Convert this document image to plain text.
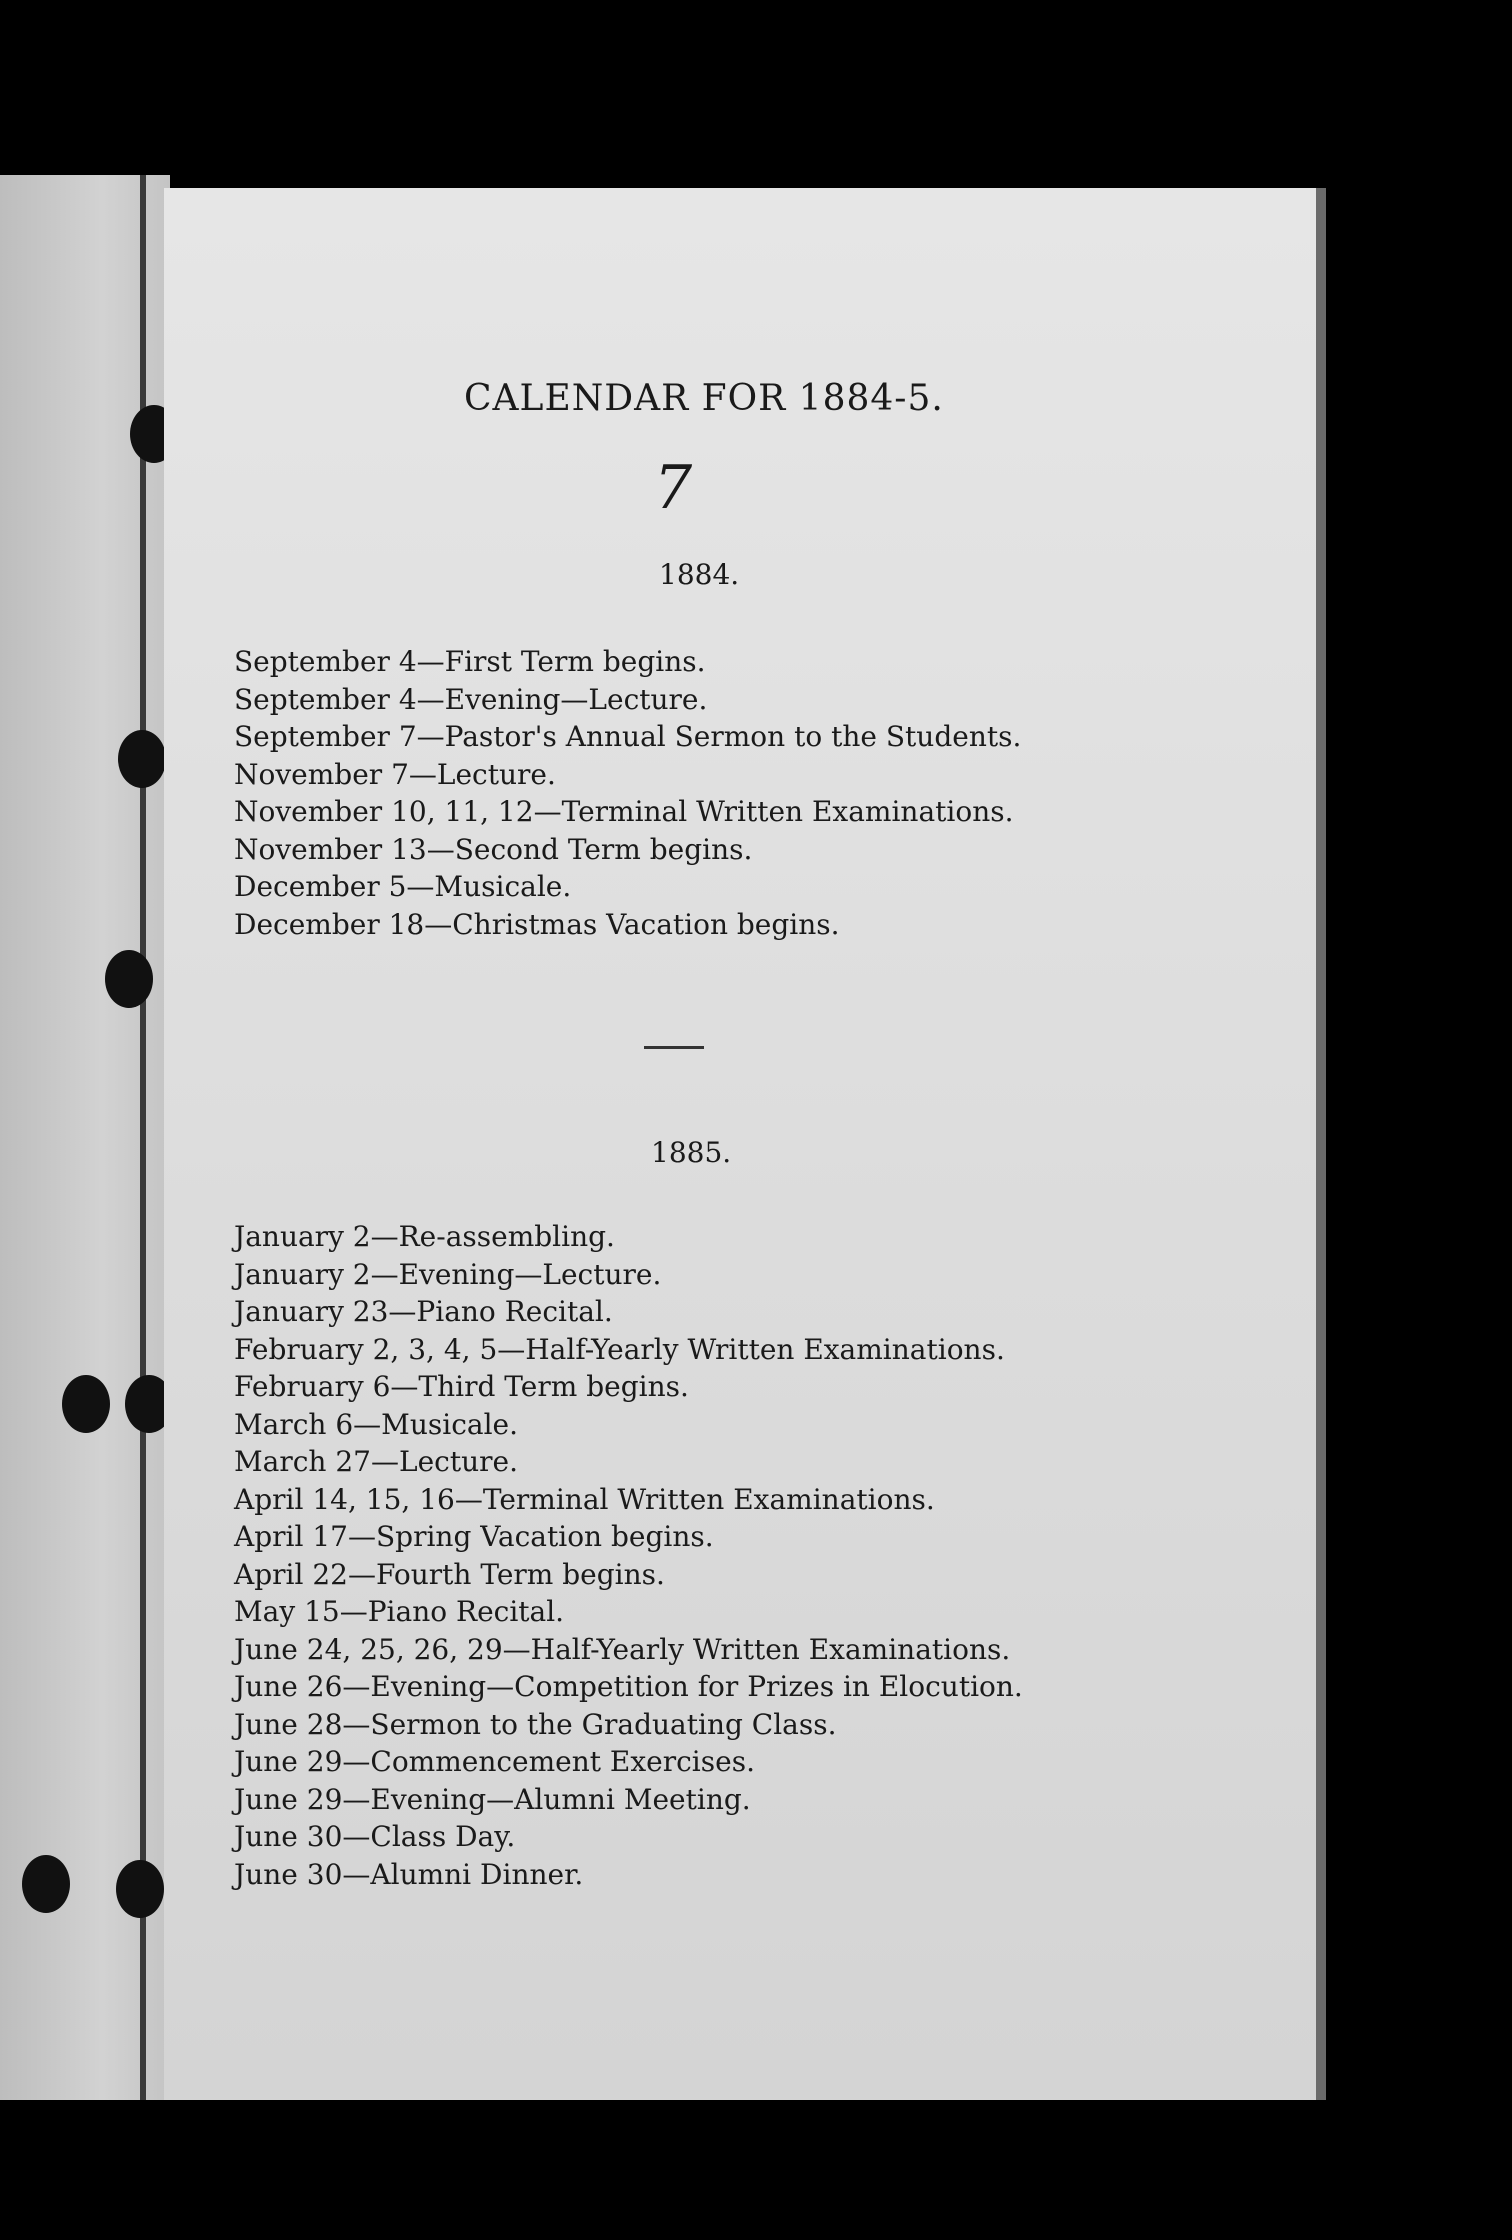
CALENDAR FOR 1884-5.
7
1884.
September 4—First Term begins.
September 4—Evening—Lecture.
September 7—Pastor's Annual Sermon to the Students.
November 7—Lecture.
November 10, 11, 12—Terminal Written Examinations.
November 13—Second Term begins.
December 5—Musicale.
December 18—Christmas Vacation begins.
1885.
January 2—Re-assembling.
January 2—Evening—Lecture.
January 23—Piano Recital.
February 2, 3, 4, 5—Half-Yearly Written Examinations.
February 6—Third Term begins.
March 6—Musicale.
March 27—Lecture.
April 14, 15, 16—Terminal Written Examinations.
April 17—Spring Vacation begins.
April 22—Fourth Term begins.
May 15—Piano Recital.
June 24, 25, 26, 29—Half-Yearly Written Examinations.
June 26—Evening—Competition for Prizes in Elocution.
June 28—Sermon to the Graduating Class.
June 29—Commencement Exercises.
June 29—Evening—Alumni Meeting.
June 30—Class Day.
June 30—Alumni Dinner.
